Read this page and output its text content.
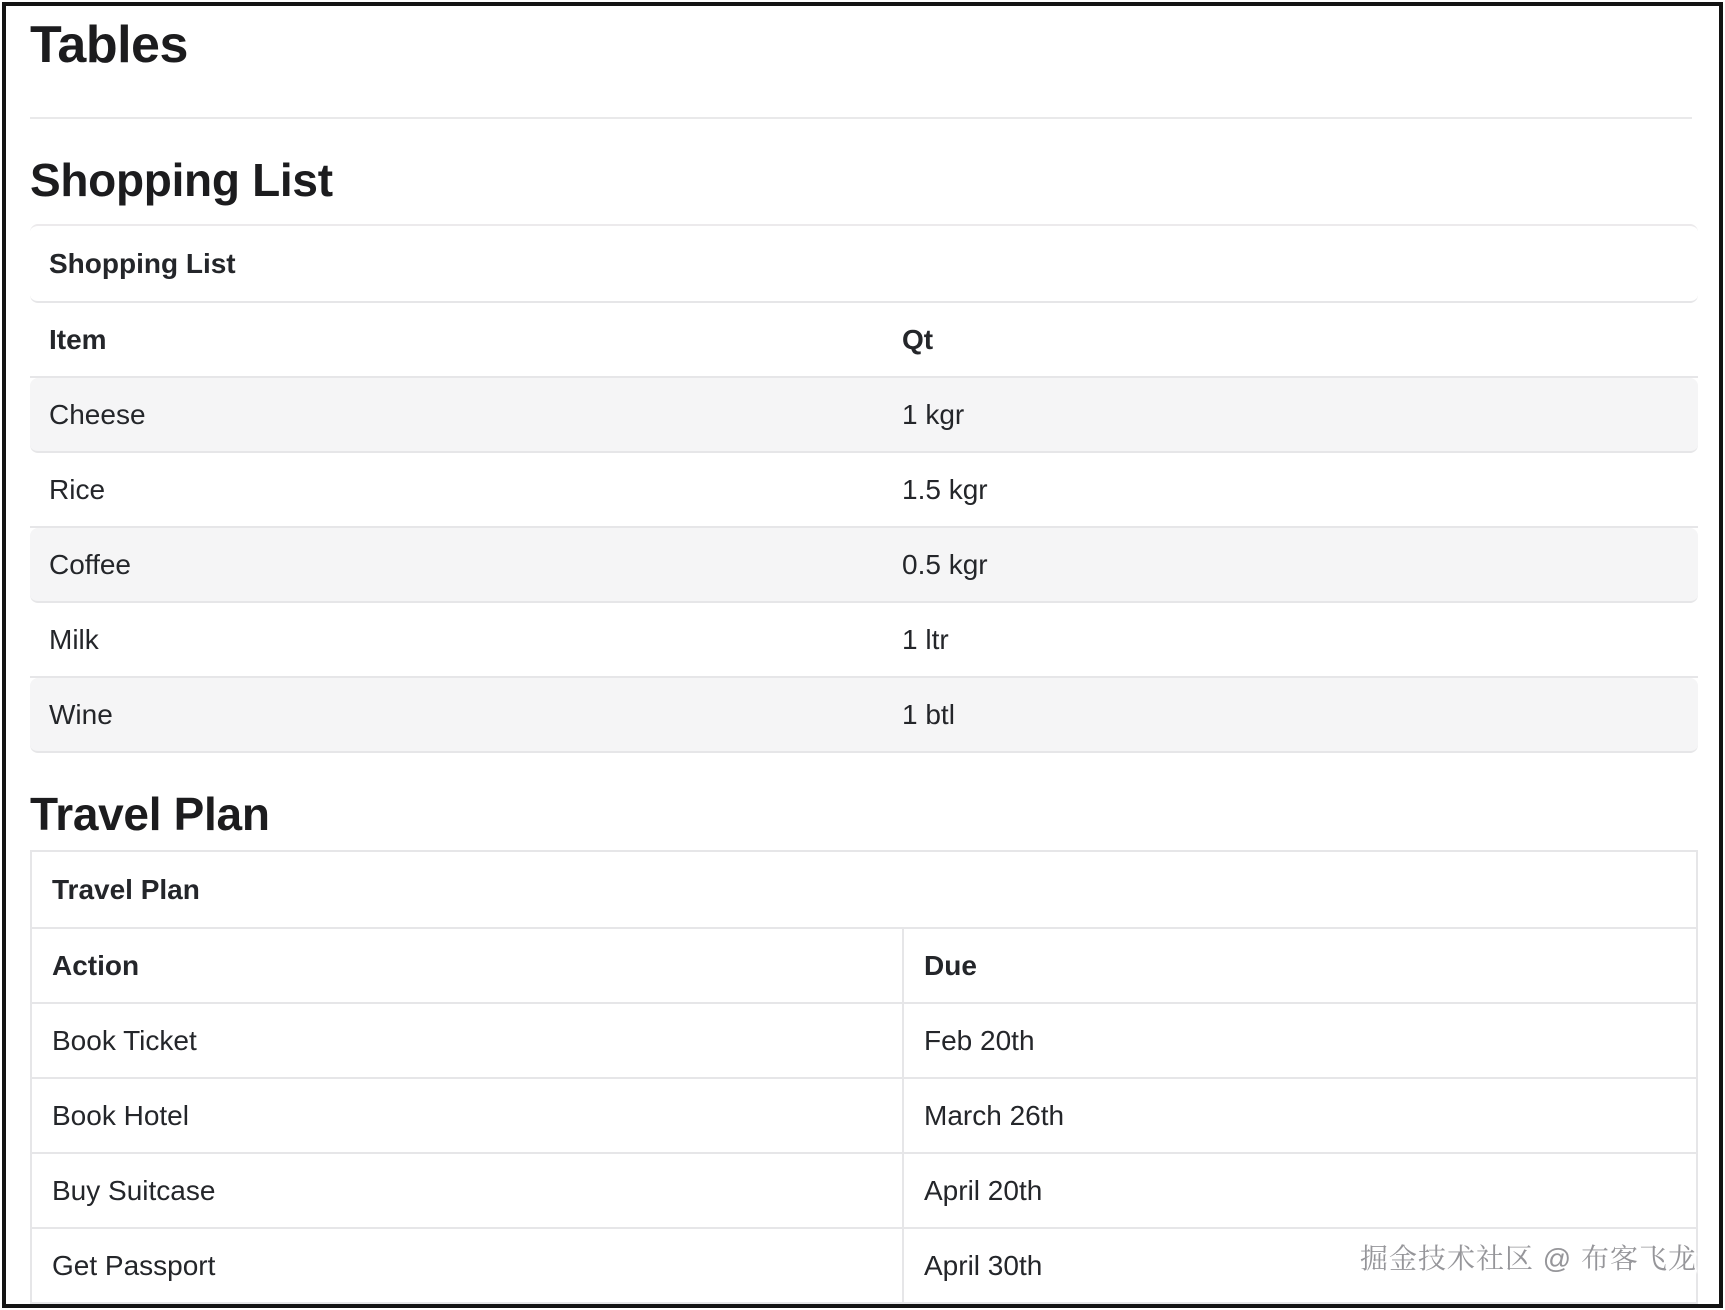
Tables
Shopping List
Shopping List	
Item	Qt
Cheese	1 kgr
Rice	1.5 kgr
Coffee	0.5 kgr
Milk	1 ltr
Wine	1 btl
Travel Plan
Travel Plan	
Action	Due
Book Ticket	Feb 20th
Book Hotel	March 26th
Buy Suitcase	April 20th
Get Passport	April 30th	掘金技术社区 @ 布客飞龙
